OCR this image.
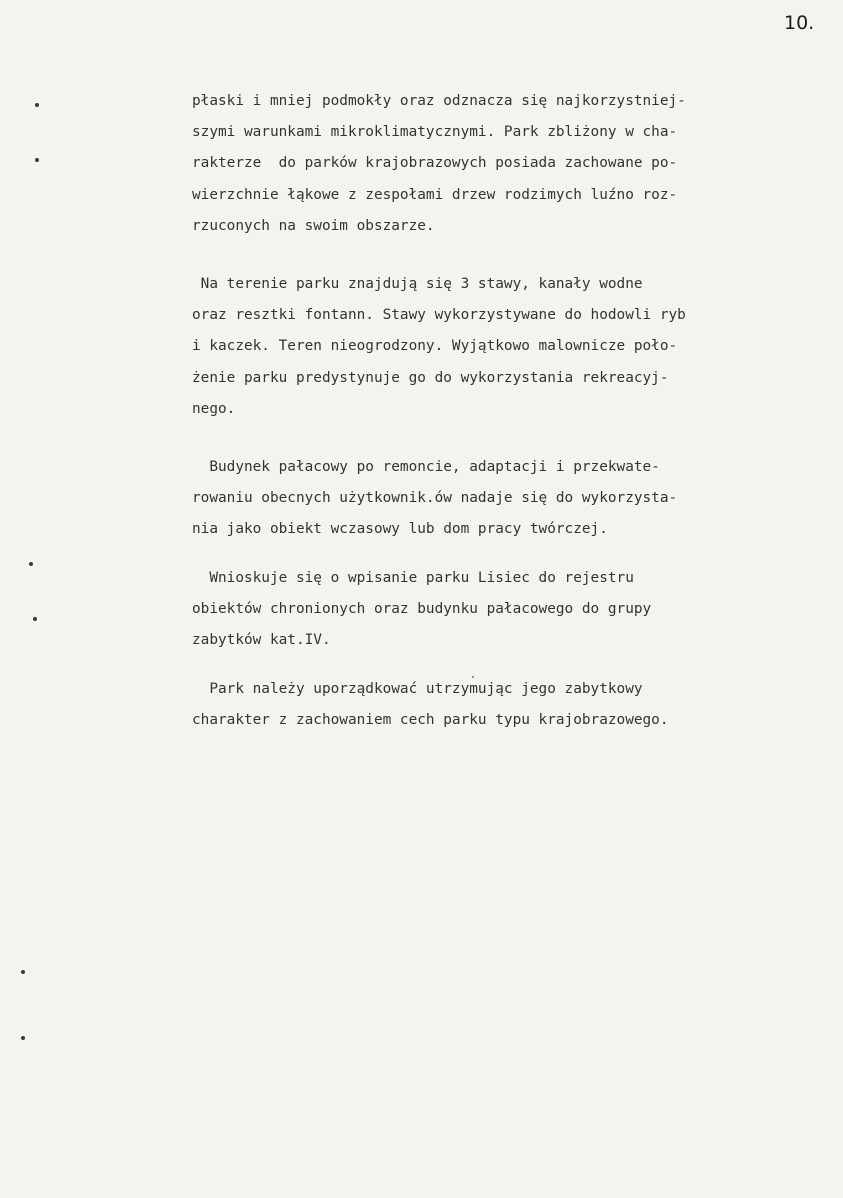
10.

płaski i mniej podmokły oraz odznacza się najkorzystniej-
szymi warunkami mikroklimatycznymi. Park zbliżony w cha-
rakterze  do parków krajobrazowych posiada zachowane po-
wierzchnie łąkowe z zespołami drzew rodzimych luźno roz-
rzuconych na swoim obszarze.

Na terenie parku znajdują się 3 stawy, kanały wodne
oraz resztki fontann. Stawy wykorzystywane do hodowli ryb
i kaczek. Teren nieogrodzony. Wyjątkowo malownicze poło-
żenie parku predystynuje go do wykorzystania rekreacyj-
nego.

Budynek pałacowy po remoncie, adaptacji i przekwate-
rowaniu obecnych użytkownik.ów nadaje się do wykorzysta-
nia jako obiekt wczasowy lub dom pracy twórczej.

Wnioskuje się o wpisanie parku Lisiec do rejestru
obiektów chronionych oraz budynku pałacowego do grupy
zabytków kat.IV.

Park należy uporządkować utrzymując jego zabytkowy
charakter z zachowaniem cech parku typu krajobrazowego.
